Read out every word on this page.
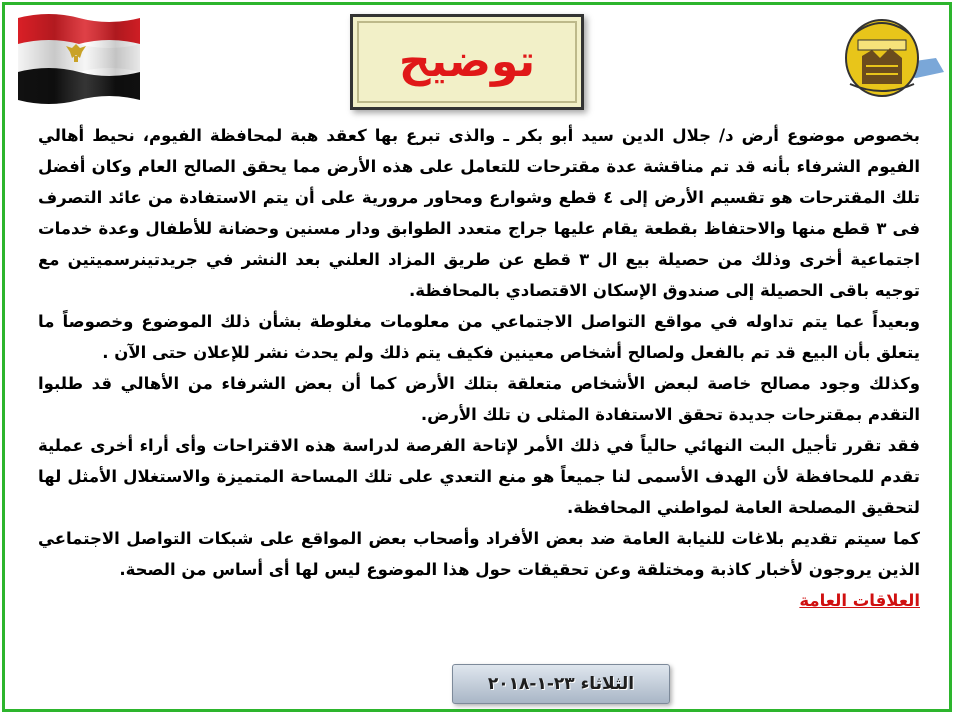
توضيح

بخصوص موضوع أرض د/ جلال الدين سيد أبو بكر ـ والذى تبرع بها كعقد هبة لمحافظة الفيوم، نحيط أهالي الفيوم الشرفاء بأنه قد تم مناقشة عدة مقترحات للتعامل على هذه الأرض مما يحقق الصالح العام وكان أفضل تلك المقترحات هو تقسيم الأرض إلى ٤ قطع وشوارع ومحاور مرورية على أن يتم الاستفادة من عائد التصرف فى ٣ قطع منها والاحتفاظ بقطعة يقام عليها جراج متعدد الطوابق ودار مسنين وحضانة للأطفال وعدة خدمات اجتماعية أخرى وذلك من حصيلة بيع ال ٣ قطع عن طريق المزاد العلني بعد النشر في جريدتينرسميتين مع توجيه باقى الحصيلة إلى صندوق الإسكان الاقتصادي بالمحافظة.

وبعيداً عما يتم تداوله في مواقع التواصل الاجتماعي من معلومات مغلوطة بشأن ذلك الموضوع وخصوصاً ما يتعلق بأن البيع قد تم بالفعل ولصالح أشخاص معينين فكيف يتم ذلك ولم يحدث نشر للإعلان حتى الآن .

وكذلك وجود مصالح خاصة لبعض الأشخاص متعلقة بتلك الأرض كما أن بعض الشرفاء من الأهالي قد طلبوا التقدم بمقترحات جديدة تحقق الاستفادة المثلى ن تلك الأرض.

فقد تقرر تأجيل البت النهائي حالياً في ذلك الأمر لإتاحة الفرصة لدراسة هذه الاقتراحات وأى أراء أخرى عملية تقدم للمحافظة لأن الهدف الأسمى لنا جميعاً هو منع التعدي على تلك المساحة المتميزة والاستغلال الأمثل لها لتحقيق المصلحة العامة لمواطني المحافظة.

كما سيتم تقديم بلاغات للنيابة العامة ضد بعض الأفراد وأصحاب بعض المواقع على شبكات التواصل الاجتماعي الذين يروجون لأخبار كاذبة ومختلقة وعن تحقيقات حول هذا الموضوع ليس لها أى أساس من الصحة.

العلاقات العامة

الثلاثاء ٢٣-١-٢٠١٨
